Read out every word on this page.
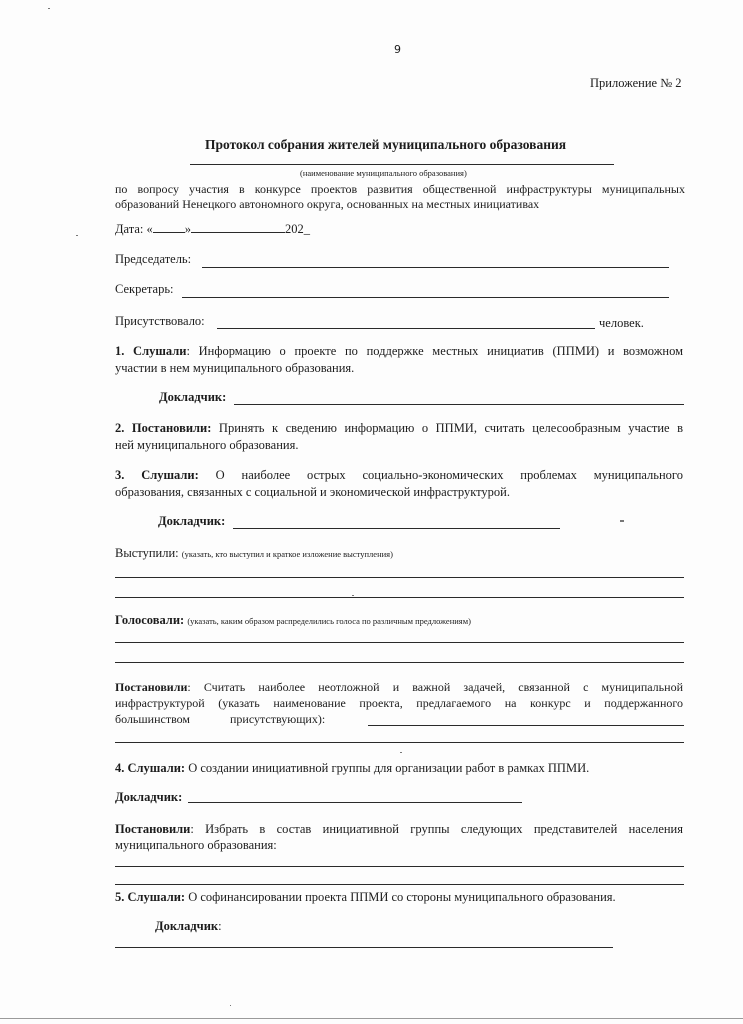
9
Приложение № 2
Протокол собрания жителей муниципального образования
(наименование муниципального образования)
по вопросу участия в конкурсе проектов развития общественной инфраструктуры муниципальных
образований Ненецкого автономного округа, основанных на местных инициативах
Дата: «	»	202_
Председатель:
Секретарь:
Присутствовало:	человек.
1. Слушали: Информацию о проекте по поддержке местных инициатив (ППМИ) и возможном
участии в нем муниципального образования.
Докладчик:
2. Постановили: Принять к сведению информацию о ППМИ, считать целесообразным участие в
ней муниципального образования.
3. Слушали: О наиболее острых социально-экономических проблемах муниципального
образования, связанных с социальной и экономической инфраструктурой.
Докладчик:
Выступили: (указать, кто выступил и краткое изложение выступления)
Голосовали: (указать, каким образом распределились голоса по различным предложениям)
Постановили: Считать наиболее неотложной и важной задачей, связанной с муниципальной
инфраструктурой (указать наименование проекта, предлагаемого на конкурс и поддержанного
большинством	присутствующих):
4. Слушали: О создании инициативной группы для организации работ в рамках ППМИ.
Докладчик:
Постановили: Избрать в состав инициативной группы следующих представителей населения
муниципального образования:
5. Слушали: О софинансировании проекта ППМИ со стороны муниципального образования.
Докладчик:
